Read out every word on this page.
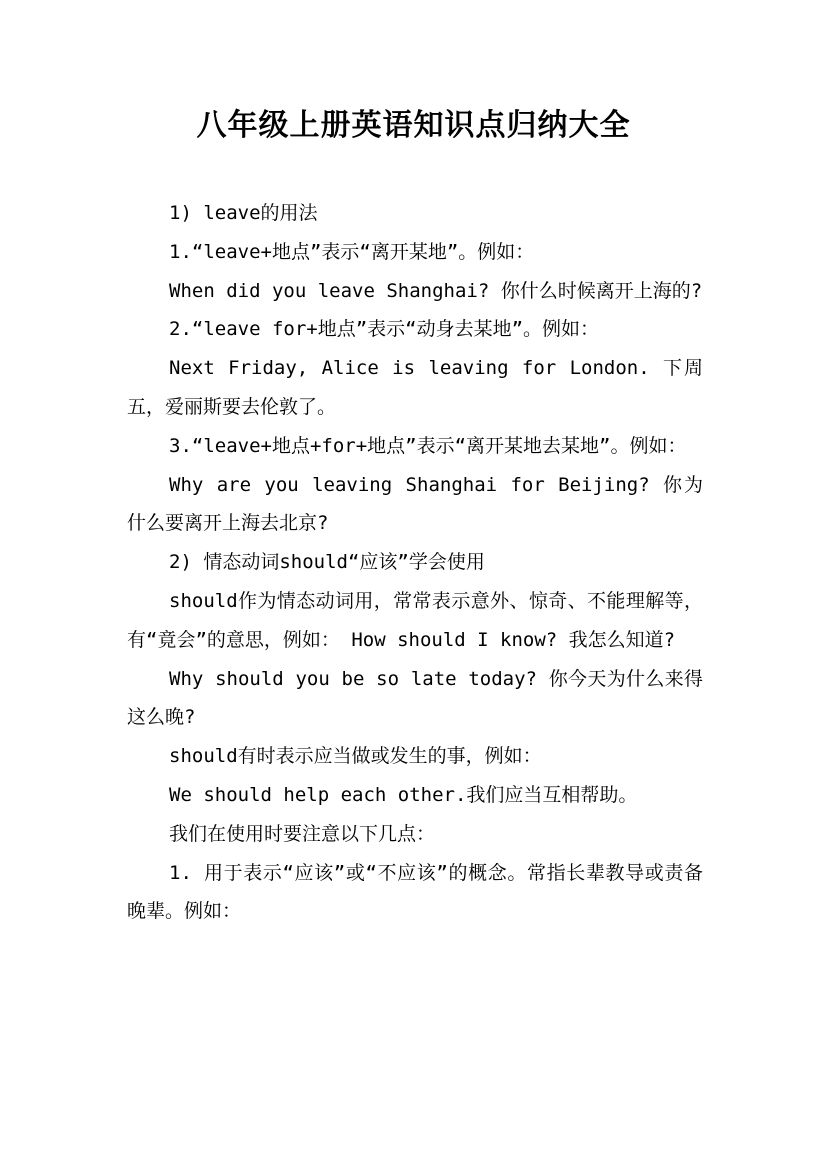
八年级上册英语知识点归纳大全

1) leave的用法

1.“leave+地点”表示“离开某地”。例如：

When did you leave Shanghai? 你什么时候离开上海的?

2.“leave for+地点”表示“动身去某地”。例如：

Next Friday, Alice is leaving for London. 下周五，爱丽斯要去伦敦了。

3.“leave+地点+for+地点”表示“离开某地去某地”。例如：

Why are you leaving Shanghai for Beijing? 你为什么要离开上海去北京?

2) 情态动词should“应该”学会使用

should作为情态动词用，常常表示意外、惊奇、不能理解等，有“竟会”的意思，例如： How should I know? 我怎么知道?

Why should you be so late today? 你今天为什么来得这么晚?

should有时表示应当做或发生的事，例如：

We should help each other.我们应当互相帮助。

我们在使用时要注意以下几点：

1. 用于表示“应该”或“不应该”的概念。常指长辈教导或责备晚辈。例如：
